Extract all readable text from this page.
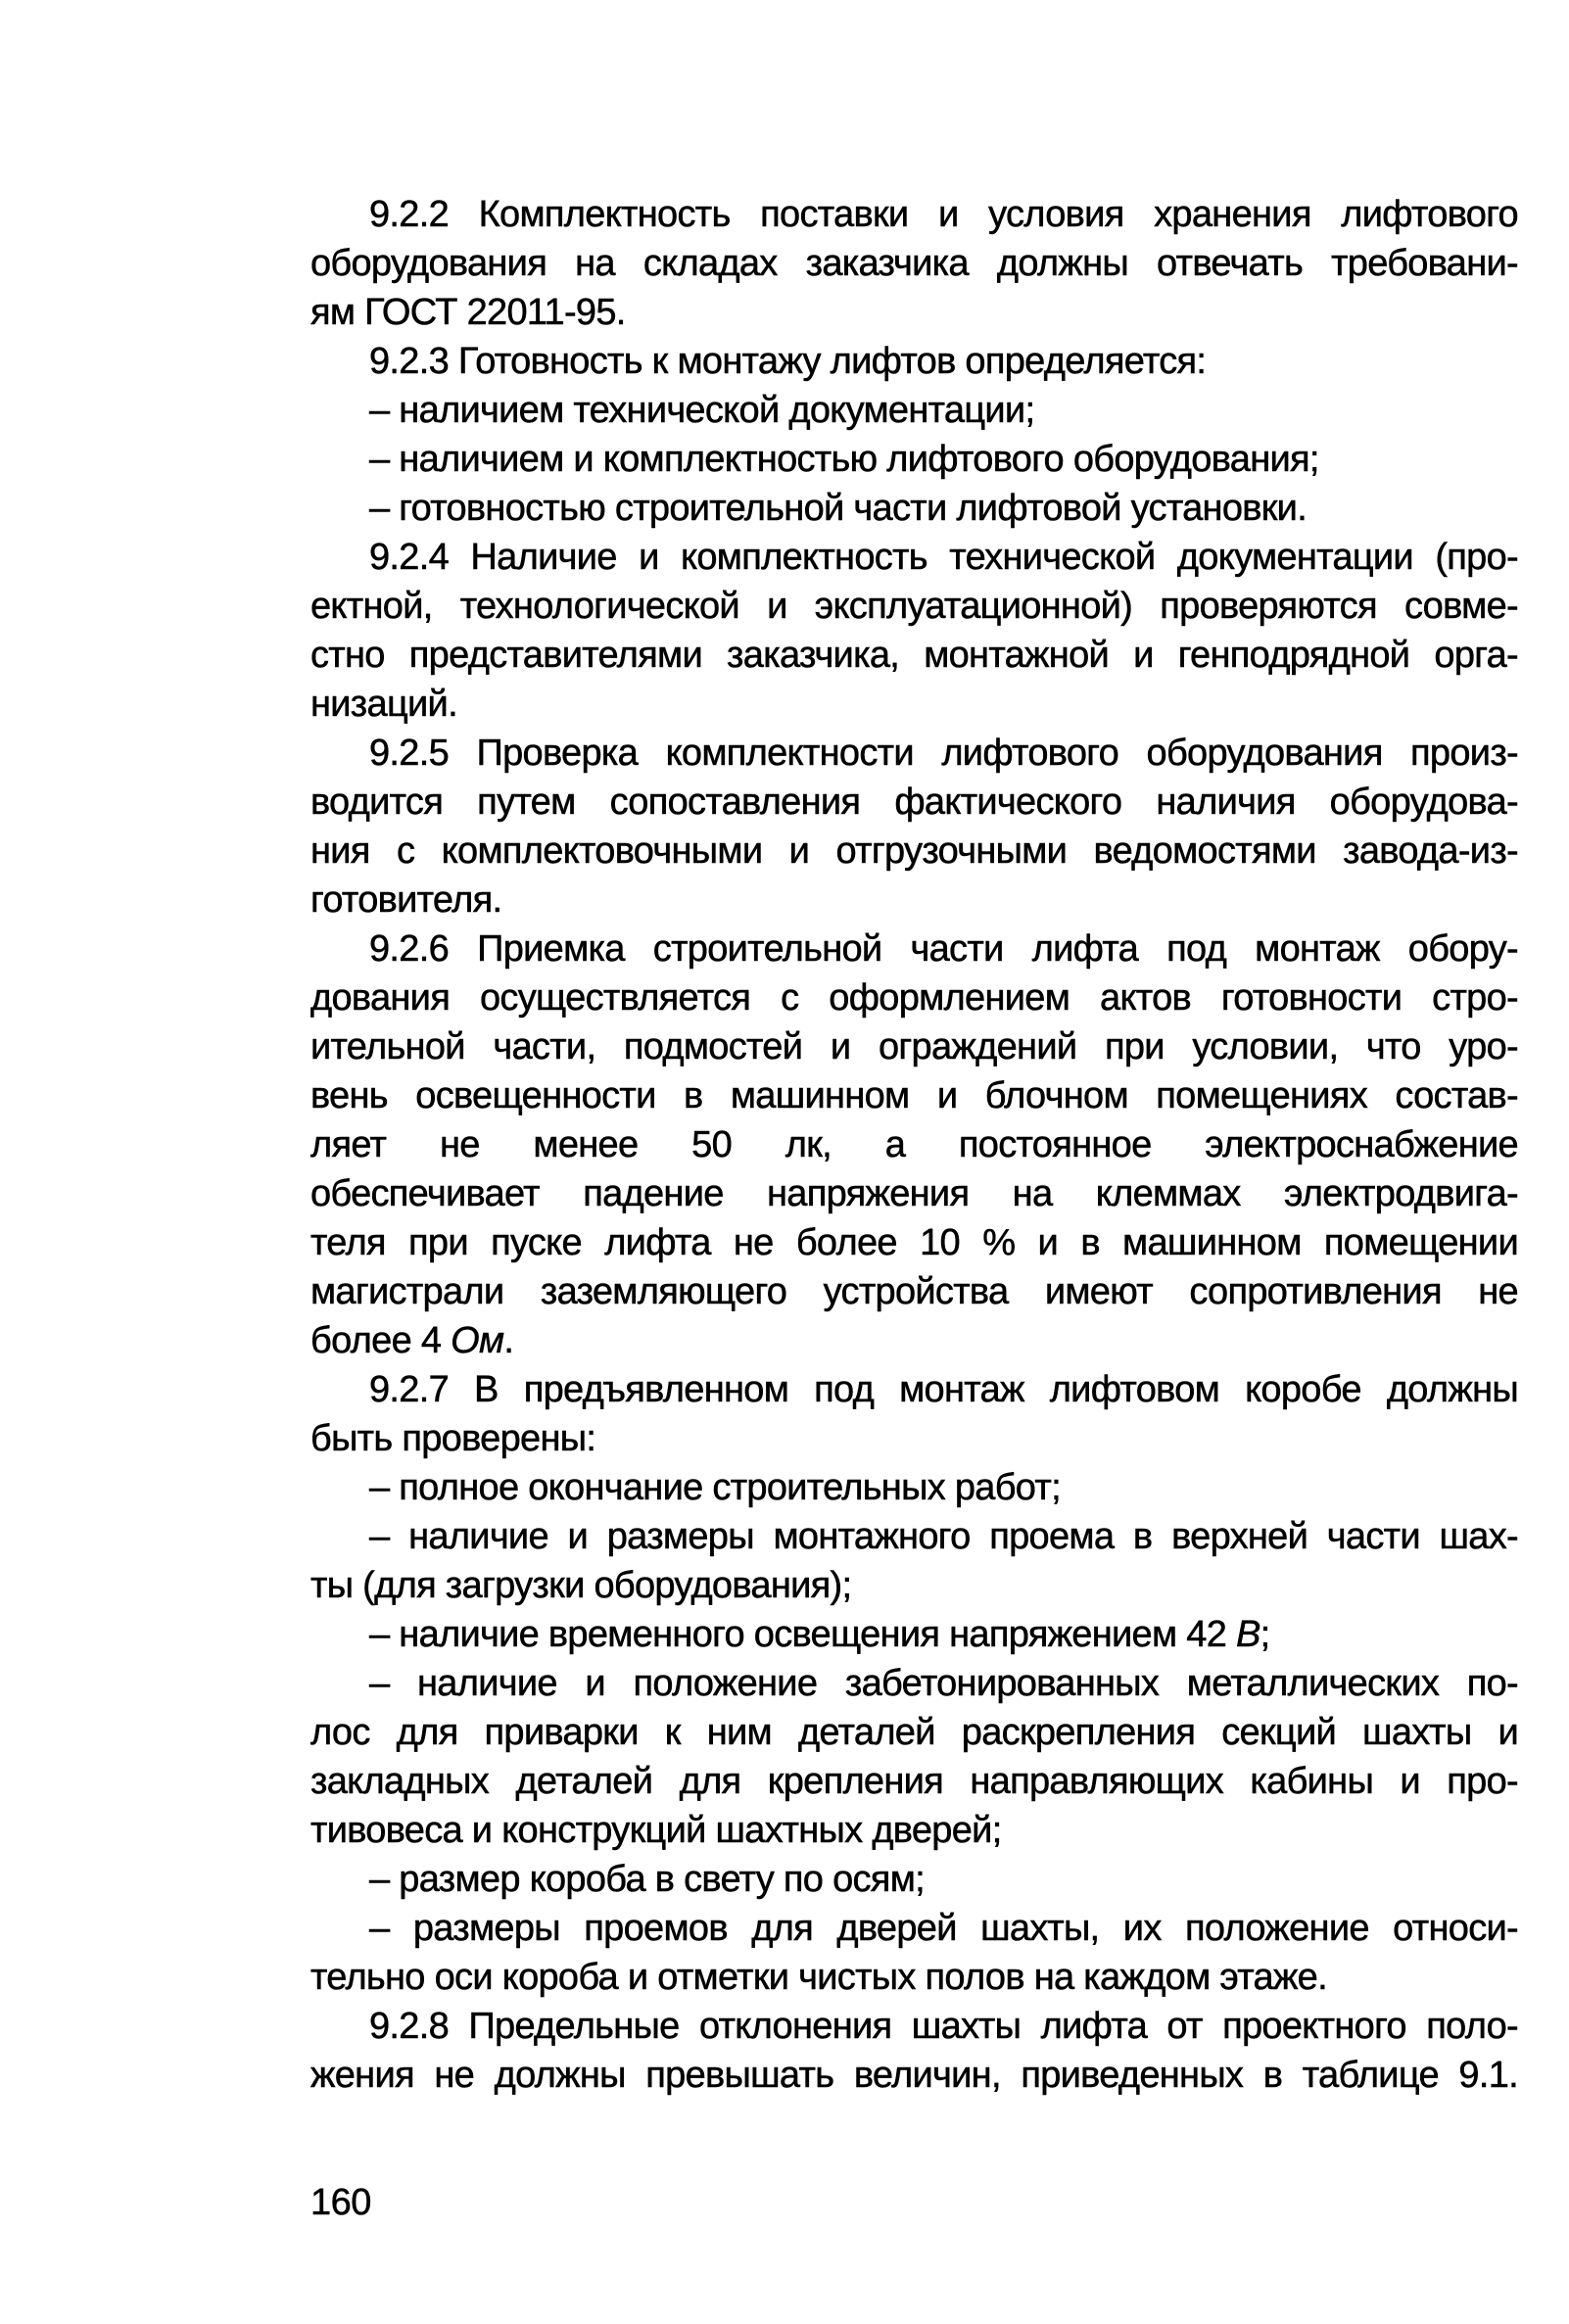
9.2.2 Комплектность поставки и условия хранения лифтового
оборудования на складах заказчика должны отвечать требовани-
ям ГОСТ 22011-95.
9.2.3 Готовность к монтажу лифтов определяется:
– наличием технической документации;
– наличием и комплектностью лифтового оборудования;
– готовностью строительной части лифтовой установки.
9.2.4 Наличие и комплектность технической документации (про-
ектной, технологической и эксплуатационной) проверяются совме-
стно представителями заказчика, монтажной и генподрядной орга-
низаций.
9.2.5 Проверка комплектности лифтового оборудования произ-
водится путем сопоставления фактического наличия оборудова-
ния с комплектовочными и отгрузочными ведомостями завода-из-
готовителя.
9.2.6 Приемка строительной части лифта под монтаж обору-
дования осуществляется с оформлением актов готовности стро-
ительной части, подмостей и ограждений при условии, что уро-
вень освещенности в машинном и блочном помещениях состав-
ляет не менее 50 лк, а постоянное электроснабжение
обеспечивает падение напряжения на клеммах электродвига-
теля при пуске лифта не более 10 % и в машинном помещении
магистрали заземляющего устройства имеют сопротивления не
более 4 Ом.
9.2.7 В предъявленном под монтаж лифтовом коробе должны
быть проверены:
– полное окончание строительных работ;
– наличие и размеры монтажного проема в верхней части шах-
ты (для загрузки оборудования);
– наличие временного освещения напряжением 42 В;
– наличие и положение забетонированных металлических по-
лос для приварки к ним деталей раскрепления секций шахты и
закладных деталей для крепления направляющих кабины и про-
тивовеса и конструкций шахтных дверей;
– размер короба в свету по осям;
– размеры проемов для дверей шахты, их положение относи-
тельно оси короба и отметки чистых полов на каждом этаже.
9.2.8 Предельные отклонения шахты лифта от проектного поло-
жения не должны превышать величин, приведенных в таблице 9.1.
160
